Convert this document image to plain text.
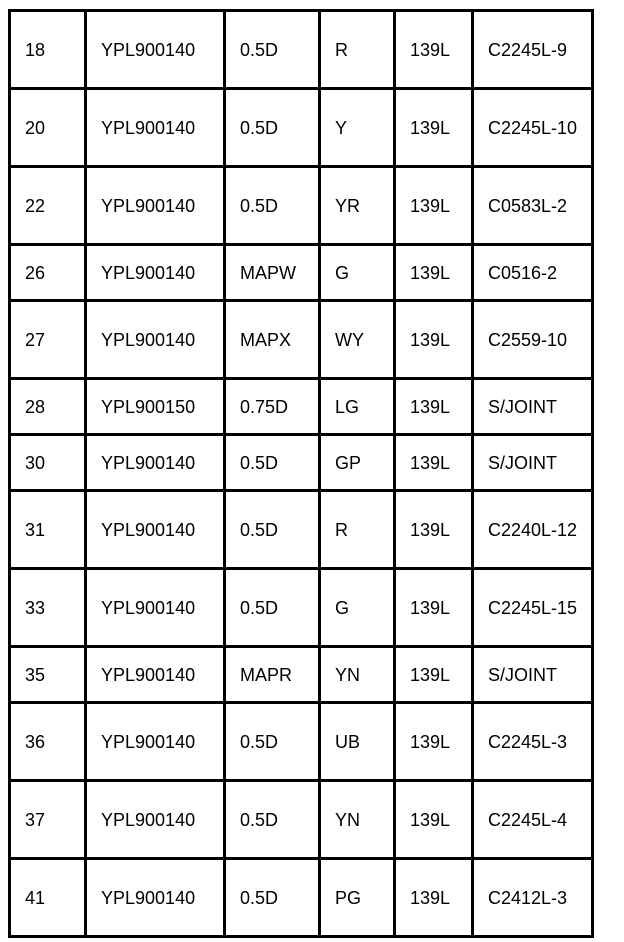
18	YPL900140	0.5D	R	139L	C2245L-9
20	YPL900140	0.5D	Y	139L	C2245L-10
22	YPL900140	0.5D	YR	139L	C0583L-2
26	YPL900140	MAPW	G	139L	C0516-2
27	YPL900140	MAPX	WY	139L	C2559-10
28	YPL900150	0.75D	LG	139L	S/JOINT
30	YPL900140	0.5D	GP	139L	S/JOINT
31	YPL900140	0.5D	R	139L	C2240L-12
33	YPL900140	0.5D	G	139L	C2245L-15
35	YPL900140	MAPR	YN	139L	S/JOINT
36	YPL900140	0.5D	UB	139L	C2245L-3
37	YPL900140	0.5D	YN	139L	C2245L-4
41	YPL900140	0.5D	PG	139L	C2412L-3
